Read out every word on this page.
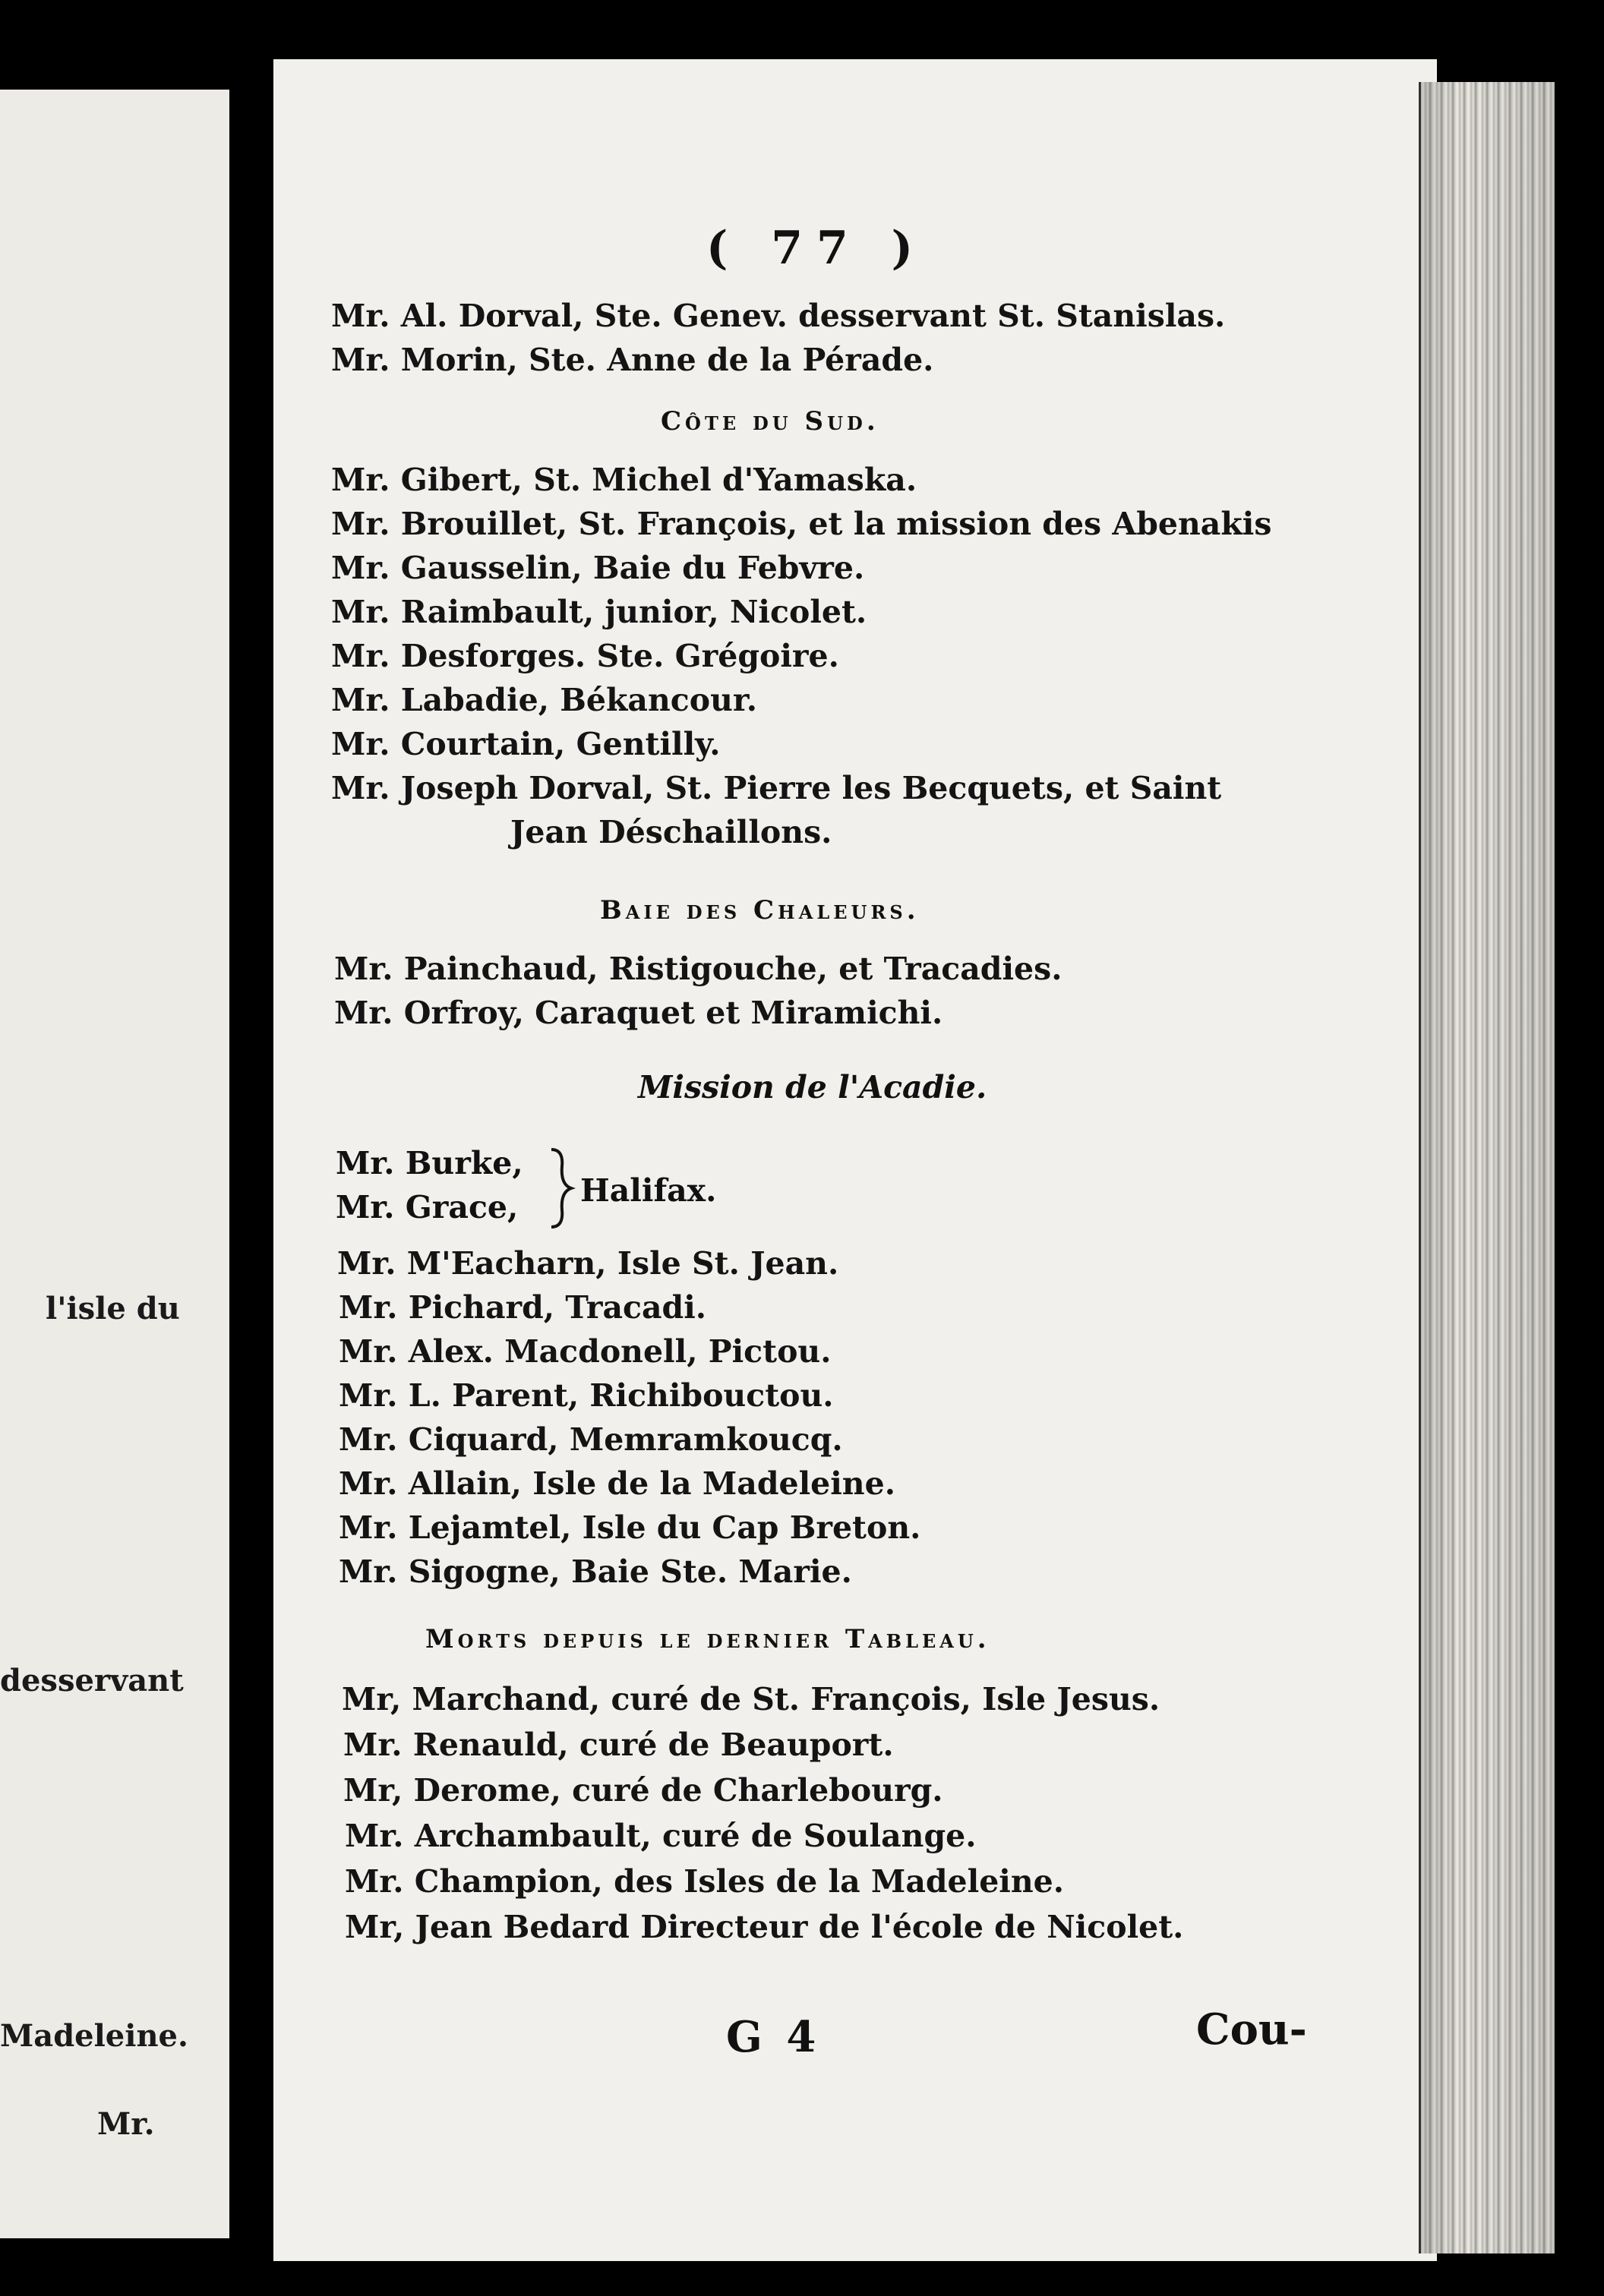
l'isle du
desservant
Madeleine.
Mr.
( 77 )
Mr. Al. Dorval, Ste. Genev. desservant St. Stanislas.
Mr. Morin, Ste. Anne de la Pérade.
Côte du Sud.
Mr. Gibert, St. Michel d'Yamaska.
Mr. Brouillet, St. François, et la mission des Abenakis
Mr. Gausselin, Baie du Febvre.
Mr. Raimbault, junior, Nicolet.
Mr. Desforges. Ste. Grégoire.
Mr. Labadie, Békancour.
Mr. Courtain, Gentilly.
Mr. Joseph Dorval, St. Pierre les Becquets, et Saint
Jean Déschaillons.
Baie des Chaleurs.
Mr. Painchaud, Ristigouche, et Tracadies.
Mr. Orfroy, Caraquet et Miramichi.
Mission de l'Acadie.
Mr. Burke,
Mr. Grace, Halifax.
Mr. M'Eacharn, Isle St. Jean.
Mr. Pichard, Tracadi.
Mr. Alex. Macdonell, Pictou.
Mr. L. Parent, Richibouctou.
Mr. Ciquard, Memramkoucq.
Mr. Allain, Isle de la Madeleine.
Mr. Lejamtel, Isle du Cap Breton.
Mr. Sigogne, Baie Ste. Marie.
Morts depuis le dernier Tableau.
Mr, Marchand, curé de St. François, Isle Jesus.
Mr. Renauld, curé de Beauport.
Mr, Derome, curé de Charlebourg.
Mr. Archambault, curé de Soulange.
Mr. Champion, des Isles de la Madeleine.
Mr, Jean Bedard Directeur de l'école de Nicolet.
G 4	Cou-
